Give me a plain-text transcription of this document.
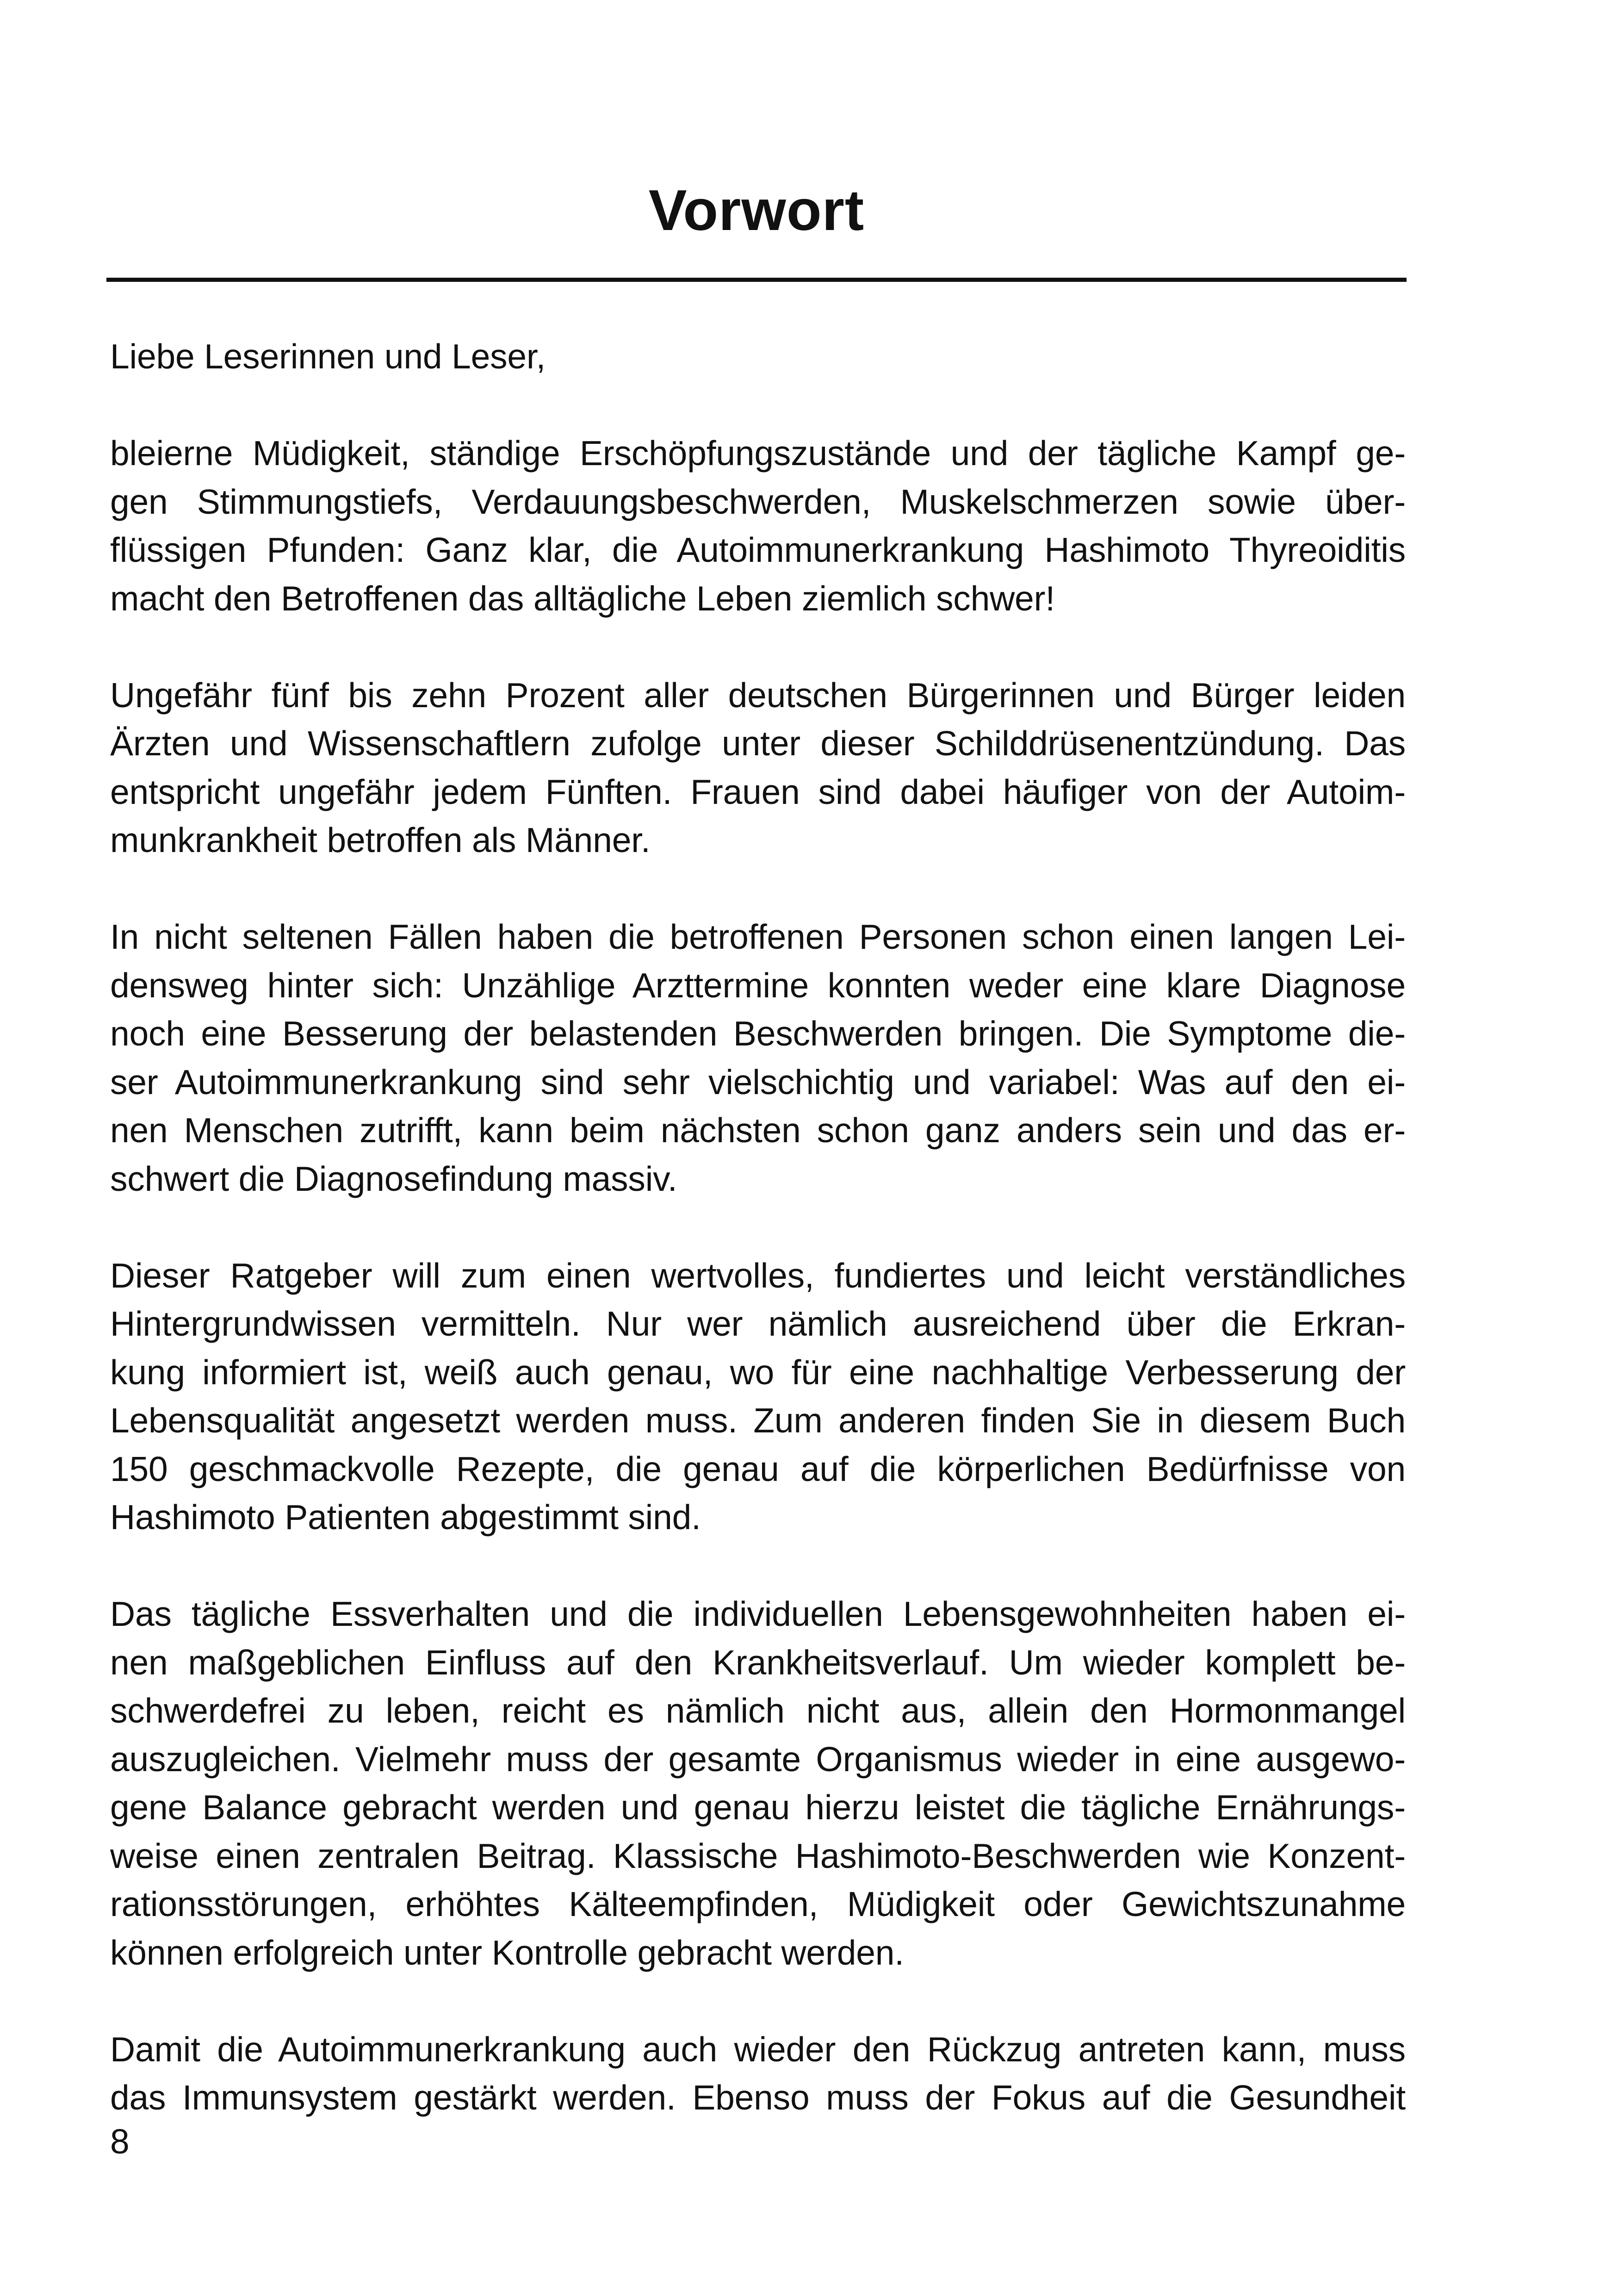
Vorwort

Liebe Leserinnen und Leser,

bleierne Müdigkeit, ständige Erschöpfungszustände und der tägliche Kampf ge-
gen Stimmungstiefs, Verdauungsbeschwerden, Muskelschmerzen sowie über-
flüssigen Pfunden: Ganz klar, die Autoimmunerkrankung Hashimoto Thyreoiditis
macht den Betroffenen das alltägliche Leben ziemlich schwer!

Ungefähr fünf bis zehn Prozent aller deutschen Bürgerinnen und Bürger leiden
Ärzten und Wissenschaftlern zufolge unter dieser Schilddrüsenentzündung. Das
entspricht ungefähr jedem Fünften. Frauen sind dabei häufiger von der Autoim-
munkrankheit betroffen als Männer.

In nicht seltenen Fällen haben die betroffenen Personen schon einen langen Lei-
densweg hinter sich: Unzählige Arzttermine konnten weder eine klare Diagnose
noch eine Besserung der belastenden Beschwerden bringen. Die Symptome die-
ser Autoimmunerkrankung sind sehr vielschichtig und variabel: Was auf den ei-
nen Menschen zutrifft, kann beim nächsten schon ganz anders sein und das er-
schwert die Diagnosefindung massiv.

Dieser Ratgeber will zum einen wertvolles, fundiertes und leicht verständliches
Hintergrundwissen vermitteln. Nur wer nämlich ausreichend über die Erkran-
kung informiert ist, weiß auch genau, wo für eine nachhaltige Verbesserung der
Lebensqualität angesetzt werden muss. Zum anderen finden Sie in diesem Buch
150 geschmackvolle Rezepte, die genau auf die körperlichen Bedürfnisse von
Hashimoto Patienten abgestimmt sind.

Das tägliche Essverhalten und die individuellen Lebensgewohnheiten haben ei-
nen maßgeblichen Einfluss auf den Krankheitsverlauf. Um wieder komplett be-
schwerdefrei zu leben, reicht es nämlich nicht aus, allein den Hormonmangel
auszugleichen. Vielmehr muss der gesamte Organismus wieder in eine ausgewo-
gene Balance gebracht werden und genau hierzu leistet die tägliche Ernährungs-
weise einen zentralen Beitrag. Klassische Hashimoto-Beschwerden wie Konzent-
rationsstörungen, erhöhtes Kälteempfinden, Müdigkeit oder Gewichtszunahme
können erfolgreich unter Kontrolle gebracht werden.

Damit die Autoimmunerkrankung auch wieder den Rückzug antreten kann, muss
das Immunsystem gestärkt werden. Ebenso muss der Fokus auf die Gesundheit

8
